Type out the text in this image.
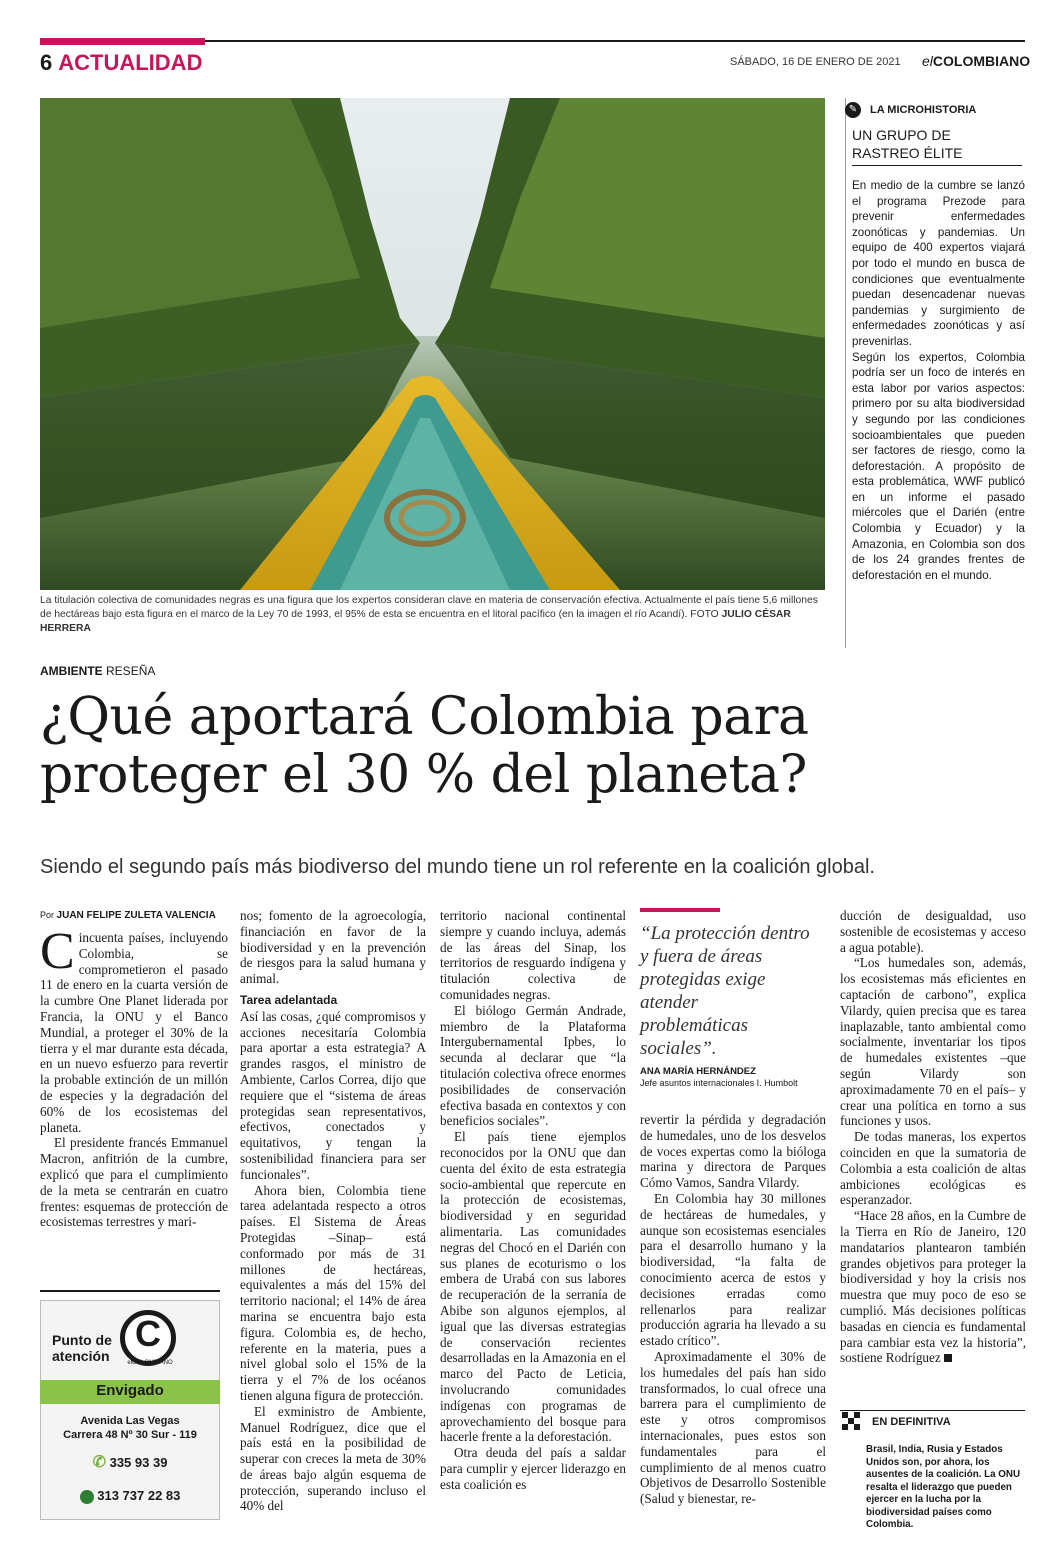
6 ACTUALIDAD	SÁBADO, 16 DE ENERO DE 2021 elCOLOMBIANO
La titulación colectiva de comunidades negras es una figura que los expertos consideran clave en materia de conservación efectiva. Actualmente el país tiene 5,6 millones de hectáreas bajo esta figura en el marco de la Ley 70 de 1993, el 95% de esta se encuentra en el litoral pacífico (en la imagen el río Acandí). FOTO JULIO CÉSAR HERRERA
✎	LA MICROHISTORIA
UN GRUPO DE RASTREO ÉLITE

En medio de la cumbre se lanzó el programa Prezode para prevenir enfermedades zoonóticas y pandemias. Un equipo de 400 expertos viajará por todo el mundo en busca de condiciones que eventualmente puedan desencadenar nuevas pandemias y surgimiento de enfermedades zoonóticas y así prevenirlas.

Según los expertos, Colombia podría ser un foco de interés en esta labor por varios aspectos: primero por su alta biodiversidad y segundo por las condiciones socioambientales que pueden ser factores de riesgo, como la deforestación. A propósito de esta problemática, WWF publicó en un informe el pasado miércoles que el Darién (entre Colombia y Ecuador) y la Amazonia, en Colombia son dos de los 24 grandes frentes de deforestación en el mundo.

AMBIENTE RESEÑA
¿Qué aportará Colombia para proteger el 30 % del planeta?
Siendo el segundo país más biodiverso del mundo tiene un rol referente en la coalición global.
Por JUAN FELIPE ZULETA VALENCIA

Cincuenta países, incluyendo Colombia, se comprometieron el pasado 11 de enero en la cuarta versión de la cumbre One Planet liderada por Francia, la ONU y el Banco Mundial, a proteger el 30% de la tierra y el mar durante esta década, en un nuevo esfuerzo para revertir la probable extinción de un millón de especies y la degradación del 60% de los ecosistemas del planeta.

El presidente francés Emmanuel Macron, anfitrión de la cumbre, explicó que para el cumplimiento de la meta se centrarán en cuatro frentes: esquemas de protección de ecosistemas terrestres y mari-

Punto de atención
C
elCOLOMBIANO
Envigado
Avenida Las Vegas
Carrera 48 Nº 30 Sur - 119
✆ 335 93 39
313 737 22 83

nos; fomento de la agroecología, financiación en favor de la biodiversidad y en la prevención de riesgos para la salud humana y animal.

Tarea adelantada

Así las cosas, ¿qué compromisos y acciones necesitaría Colombia para aportar a esta estrategia? A grandes rasgos, el ministro de Ambiente, Carlos Correa, dijo que requiere que el “sistema de áreas protegidas sean representativos, efectivos, conectados y equitativos, y tengan la sostenibilidad financiera para ser funcionales”.

Ahora bien, Colombia tiene tarea adelantada respecto a otros países. El Sistema de Áreas Protegidas –Sinap– está conformado por más de 31 millones de hectáreas, equivalentes a más del 15% del territorio nacional; el 14% de área marina se encuentra bajo esta figura. Colombia es, de hecho, referente en la materia, pues a nivel global solo el 15% de la tierra y el 7% de los océanos tienen alguna figura de protección.

El exministro de Ambiente, Manuel Rodríguez, dice que el país está en la posibilidad de superar con creces la meta de 30% de áreas bajo algún esquema de protección, superando incluso el 40% del

territorio nacional continental siempre y cuando incluya, además de las áreas del Sinap, los territorios de resguardo indígena y titulación colectiva de comunidades negras.

El biólogo Germán Andrade, miembro de la Plataforma Intergubernamental Ipbes, lo secunda al declarar que “la titulación colectiva ofrece enormes posibilidades de conservación efectiva basada en contextos y con beneficios sociales”.

El país tiene ejemplos reconocidos por la ONU que dan cuenta del éxito de esta estrategia socio-ambiental que repercute en la protección de ecosistemas, biodiversidad y en seguridad alimentaria. Las comunidades negras del Chocó en el Darién con sus planes de ecoturismo o los embera de Urabá con sus labores de recuperación de la serranía de Abibe son algunos ejemplos, al igual que las diversas estrategias de conservación recientes desarrolladas en la Amazonia en el marco del Pacto de Leticia, involucrando comunidades indígenas con programas de aprovechamiento del bosque para hacerle frente a la deforestación.

Otra deuda del país a saldar para cumplir y ejercer liderazgo en esta coalición es

“La protección dentro y fuera de áreas protegidas exige atender problemáticas sociales”.
ANA MARÍA HERNÁNDEZ
Jefe asuntos internacionales I. Humbolt

revertir la pérdida y degradación de humedales, uno de los desvelos de voces expertas como la bióloga marina y directora de Parques Cómo Vamos, Sandra Vilardy.

En Colombia hay 30 millones de hectáreas de humedales, y aunque son ecosistemas esenciales para el desarrollo humano y la biodiversidad, “la falta de conocimiento acerca de estos y decisiones erradas como rellenarlos para realizar producción agraria ha llevado a su estado crítico”.

Aproximadamente el 30% de los humedales del país han sido transformados, lo cual ofrece una barrera para el cumplimiento de este y otros compromisos internacionales, pues estos son fundamentales para el cumplimiento de al menos cuatro Objetivos de Desarrollo Sostenible (Salud y bienestar, re-

ducción de desigualdad, uso sostenible de ecosistemas y acceso a agua potable).

“Los humedales son, además, los ecosistemas más eficientes en captación de carbono”, explica Vilardy, quien precisa que es tarea inaplazable, tanto ambiental como socialmente, inventariar los tipos de humedales existentes –que según Vilardy son aproximadamente 70 en el país– y crear una política en torno a sus funciones y usos.

De todas maneras, los expertos coinciden en que la sumatoria de Colombia a esta coalición de altas ambiciones ecológicas es esperanzador.

“Hace 28 años, en la Cumbre de la Tierra en Río de Janeiro, 120 mandatarios plantearon también grandes objetivos para proteger la biodiversidad y hoy la crisis nos muestra que muy poco de eso se cumplió. Más decisiones políticas basadas en ciencia es fundamental para cambiar esta vez la historia”, sostiene Rodríguez

EN DEFINITIVA
Brasil, India, Rusia y Estados Unidos son, por ahora, los ausentes de la coalición. La ONU resalta el liderazgo que pueden ejercer en la lucha por la biodiversidad países como Colombia.
